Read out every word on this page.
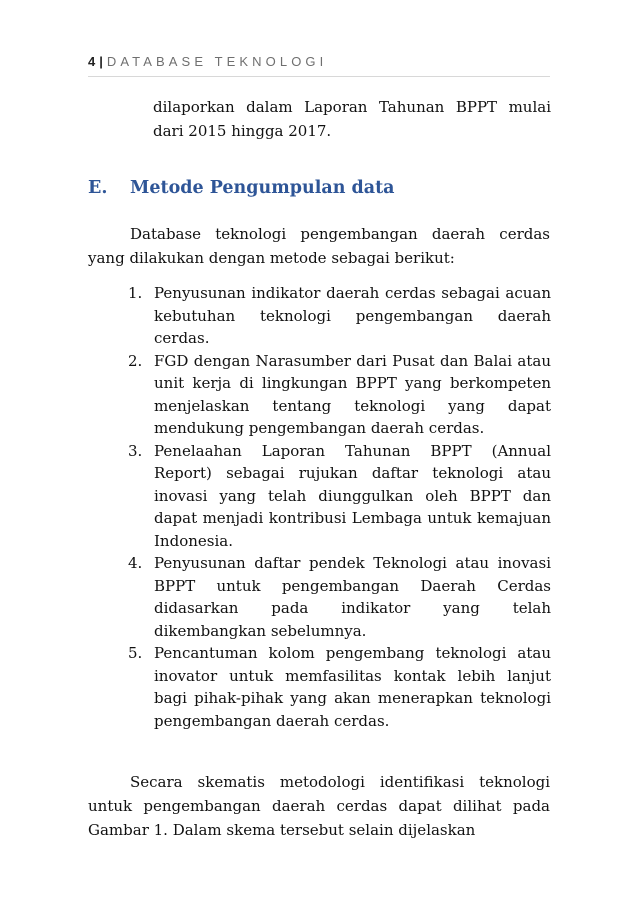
4 | DATABASE TEKNOLOGI

dilaporkan dalam Laporan Tahunan BPPT mulai dari 2015 hingga 2017.

E. Metode Pengumpulan data

Database teknologi pengembangan daerah cerdas yang dilakukan dengan metode sebagai berikut:

1. Penyusunan indikator daerah cerdas sebagai acuan kebutuhan teknologi pengembangan daerah cerdas.
2. FGD dengan Narasumber dari Pusat dan Balai atau unit kerja di lingkungan BPPT yang berkompeten menjelaskan tentang teknologi yang dapat mendukung pengembangan daerah cerdas.
3. Penelaahan Laporan Tahunan BPPT (Annual Report) sebagai rujukan daftar teknologi atau inovasi yang telah diunggulkan oleh BPPT dan dapat menjadi kontribusi Lembaga untuk kemajuan Indonesia.
4. Penyusunan daftar pendek Teknologi atau inovasi BPPT untuk pengembangan Daerah Cerdas didasarkan pada indikator yang telah dikembangkan sebelumnya.
5. Pencantuman kolom pengembang teknologi atau inovator untuk memfasilitas kontak lebih lanjut bagi pihak-pihak yang akan menerapkan teknologi pengembangan daerah cerdas.

Secara skematis metodologi identifikasi teknologi untuk pengembangan daerah cerdas dapat dilihat pada Gambar 1. Dalam skema tersebut selain dijelaskan
